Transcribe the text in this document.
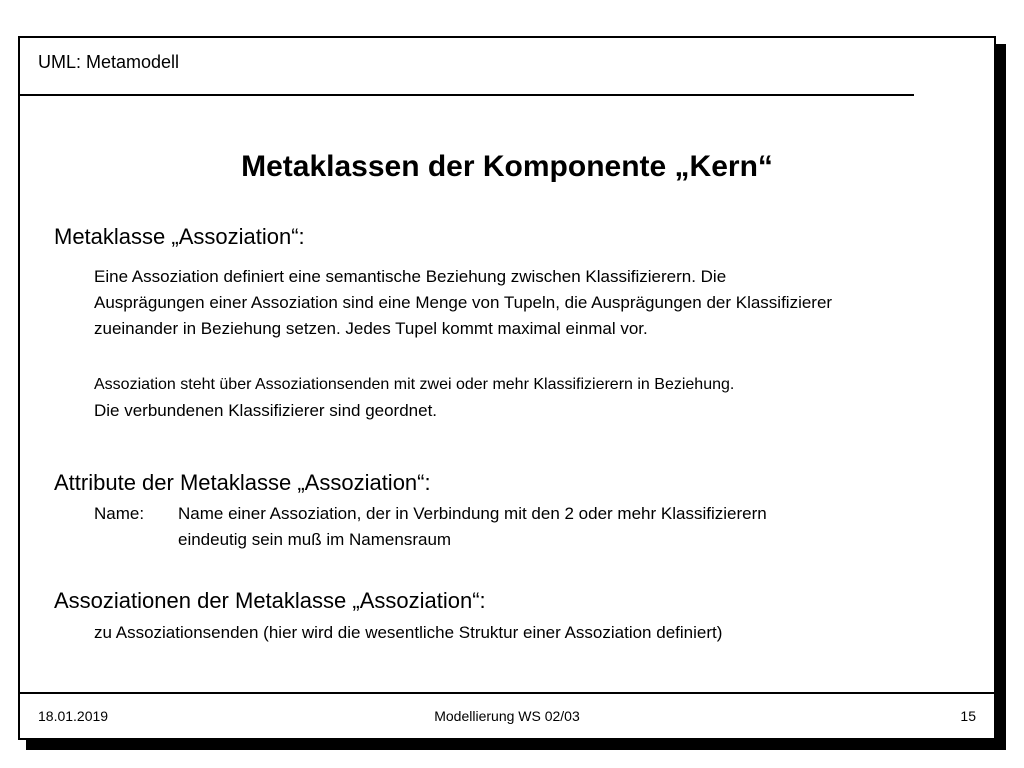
UML: Metamodell
Metaklassen der Komponente „Kern“
Metaklasse „Assoziation“:
Eine Assoziation definiert eine semantische Beziehung zwischen Klassifizierern. Die
Ausprägungen einer Assoziation sind eine Menge von Tupeln, die Ausprägungen der Klassifizierer
zueinander in Beziehung setzen. Jedes Tupel kommt maximal einmal vor.
Assoziation steht über Assoziationsenden mit zwei oder mehr Klassifizierern in Beziehung.
Die verbundenen Klassifizierer sind geordnet.
Attribute der Metaklasse „Assoziation“:
Name: Name einer Assoziation, der in Verbindung mit den 2 oder mehr Klassifizierern
eindeutig sein muß im Namensraum
Assoziationen der Metaklasse „Assoziation“:
zu Assoziationsenden (hier wird die wesentliche Struktur einer Assoziation definiert)
18.01.2019	Modellierung WS 02/03	15
